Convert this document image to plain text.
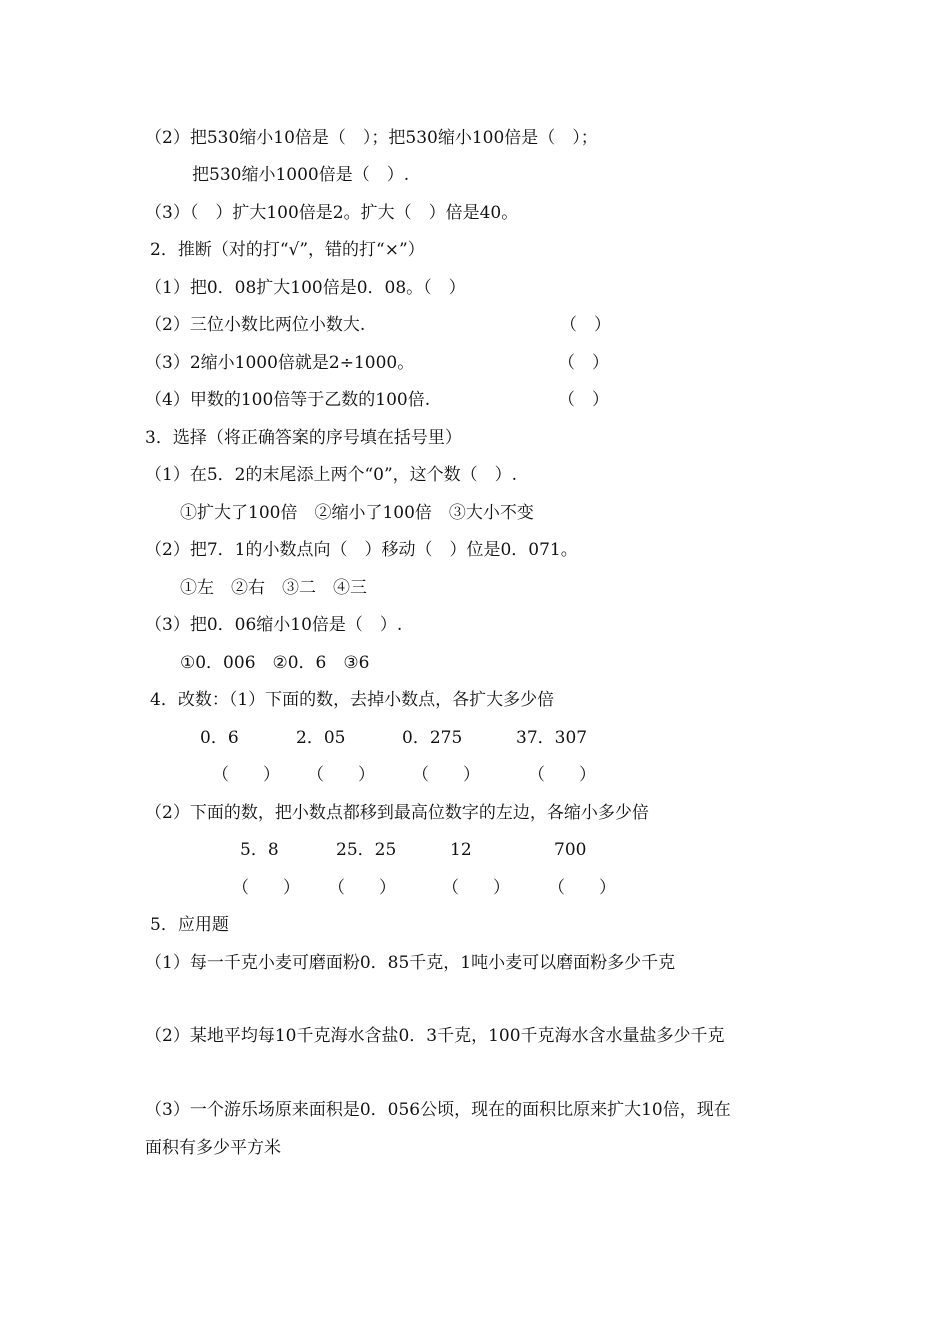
（2）把530缩小10倍是（　）；把530缩小100倍是（　）；
把530缩小1000倍是（　）.
（3）（　）扩大100倍是2。扩大（　）倍是40。
2．推断（对的打“√”，错的打“×”）
（1）把0．08扩大100倍是0．08。（　）
（2）三位小数比两位小数大.	（　）
（3）2缩小1000倍就是2÷1000。	（　）
（4）甲数的100倍等于乙数的100倍.	（　）
3．选择（将正确答案的序号填在括号里）
（1）在5．2的末尾添上两个“0”，这个数（　）.
①扩大了100倍　②缩小了100倍　③大小不变
（2）把7．1的小数点向（　）移动（　）位是0．071。
①左　②右　③二　④三
（3）把0．06缩小10倍是（　）.
①0．006　②0．6　③6
4．改数：（1）下面的数，去掉小数点，各扩大多少倍
0．6	2．05	0．275	37．307
（　　） （　　） （　　）	（　　）
（2）下面的数，把小数点都移到最高位数字的左边，各缩小多少倍
5．8	25．25	12	700
（　　） （　　）	（　　） （　　）
5．应用题
（1）每一千克小麦可磨面粉0．85千克，1吨小麦可以磨面粉多少千克
（2）某地平均每10千克海水含盐0．3千克，100千克海水含水量盐多少千克
（3）一个游乐场原来面积是0．056公顷，现在的面积比原来扩大10倍，现在
面积有多少平方米
